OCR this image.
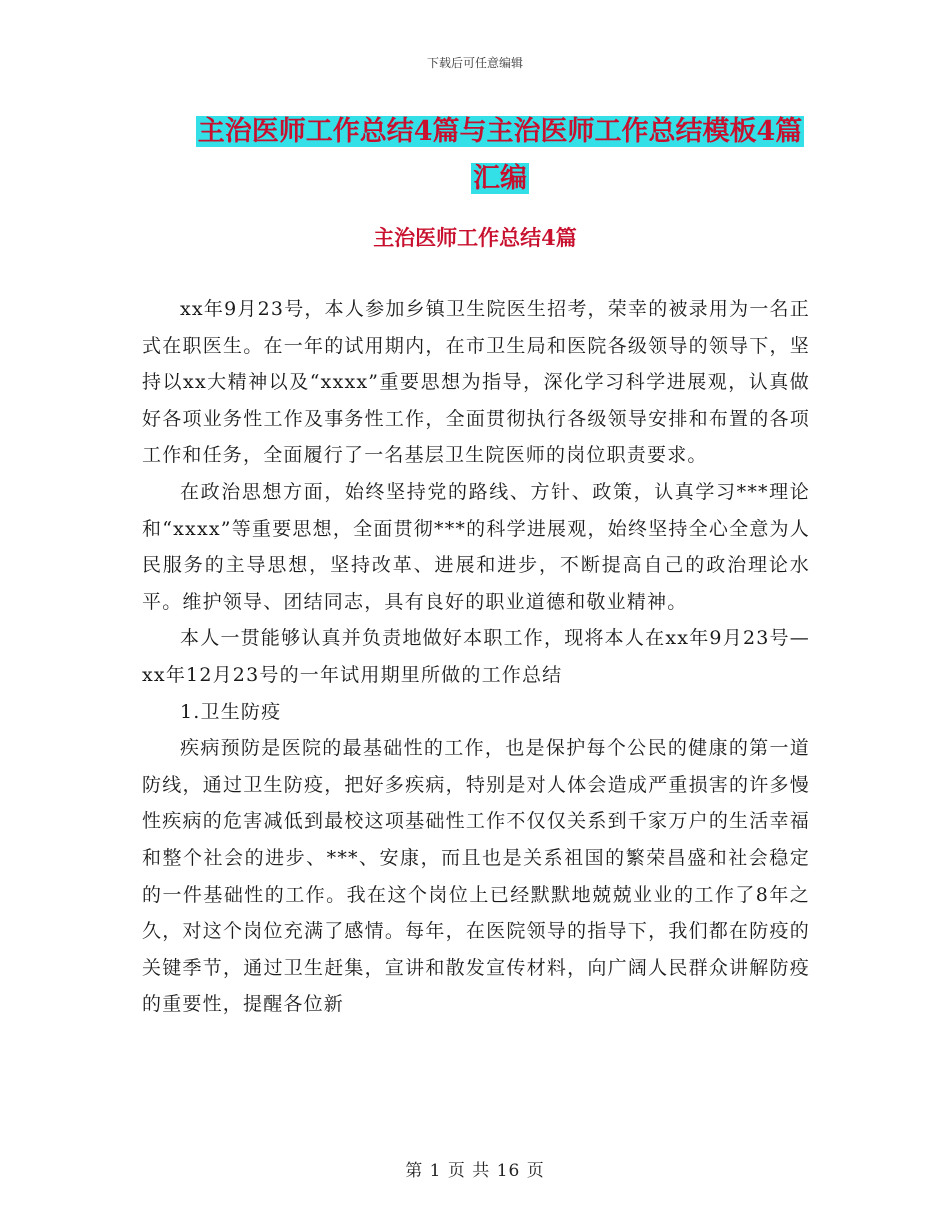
下载后可任意编辑
主治医师工作总结4篇与主治医师工作总结模板4篇
汇编
主治医师工作总结4篇

xx年9月23号，本人参加乡镇卫生院医生招考，荣幸的被录用为一名正式在职医生。在一年的试用期内，在市卫生局和医院各级领导的领导下，坚持以xx大精神以及“xxxx”重要思想为指导，深化学习科学进展观，认真做好各项业务性工作及事务性工作，全面贯彻执行各级领导安排和布置的各项工作和任务，全面履行了一名基层卫生院医师的岗位职责要求。

在政治思想方面，始终坚持党的路线、方针、政策，认真学习***理论和“xxxx”等重要思想，全面贯彻***的科学进展观，始终坚持全心全意为人民服务的主导思想，坚持改革、进展和进步，不断提高自己的政治理论水平。维护领导、团结同志，具有良好的职业道德和敬业精神。

本人一贯能够认真并负责地做好本职工作，现将本人在xx年9月23号—xx年12月23号的一年试用期里所做的工作总结

1.卫生防疫

疾病预防是医院的最基础性的工作，也是保护每个公民的健康的第一道防线，通过卫生防疫，把好多疾病，特别是对人体会造成严重损害的许多慢性疾病的危害减低到最校这项基础性工作不仅仅关系到千家万户的生活幸福和整个社会的进步、***、安康，而且也是关系祖国的繁荣昌盛和社会稳定的一件基础性的工作。我在这个岗位上已经默默地兢兢业业的工作了8年之久，对这个岗位充满了感情。每年，在医院领导的指导下，我们都在防疫的关键季节，通过卫生赶集，宣讲和散发宣传材料，向广阔人民群众讲解防疫的重要性，提醒各位新

第 1 页 共 16 页
